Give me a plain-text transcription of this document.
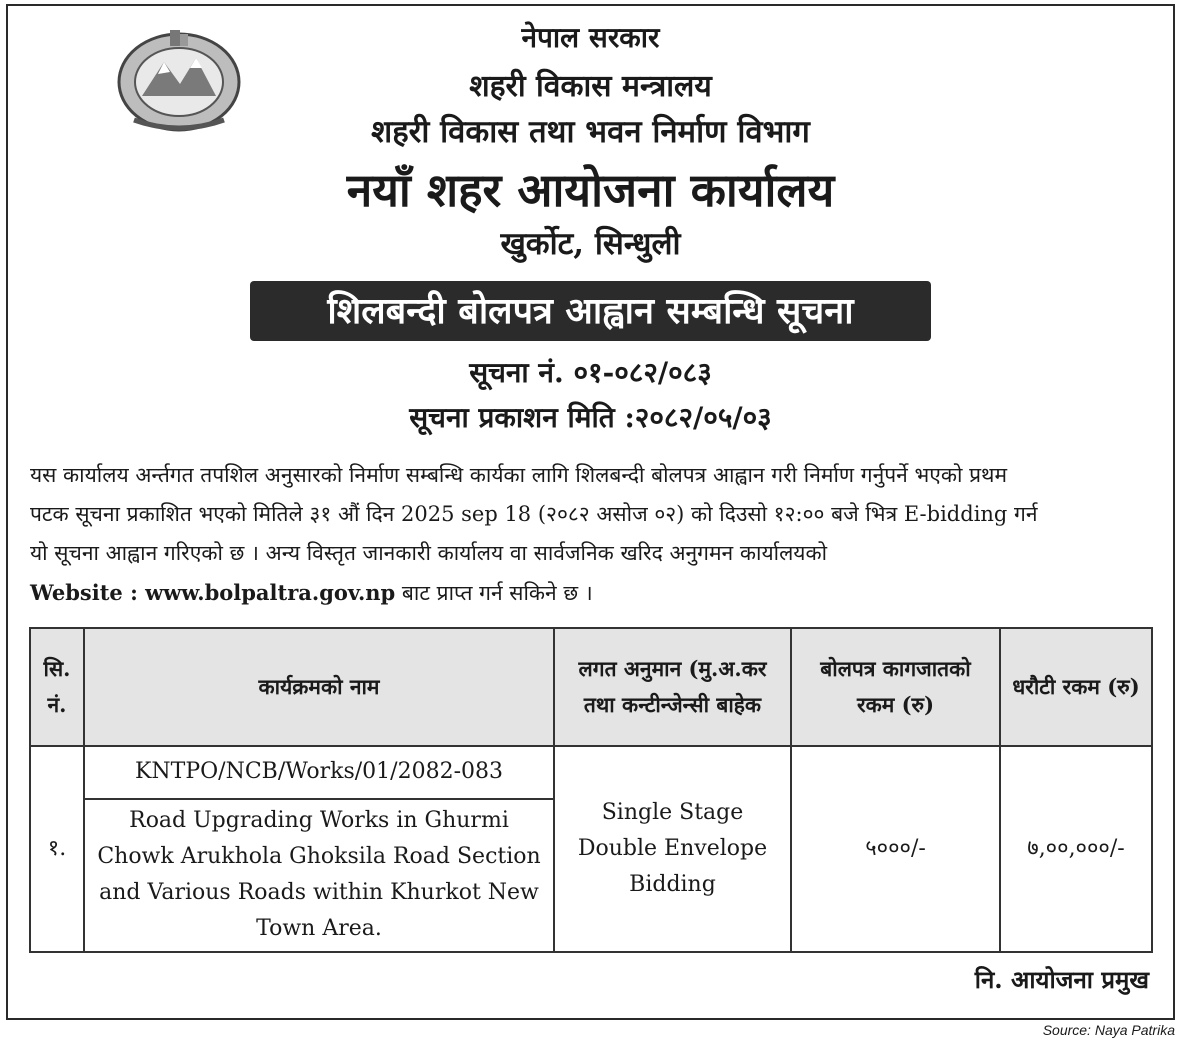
नेपाल सरकार
शहरी विकास मन्त्रालय
शहरी विकास तथा भवन निर्माण विभाग
नयाँ शहर आयोजना कार्यालय
खुर्कोट, सिन्धुली
शिलबन्दी बोलपत्र आह्वान सम्बन्धि सूचना
सूचना नं. ०१-०८२/०८३
सूचना प्रकाशन मिति :२०८२/०५/०३
यस कार्यालय अर्न्तगत तपशिल अनुसारको निर्माण सम्बन्धि कार्यका लागि शिलबन्दी बोलपत्र आह्वान गरी निर्माण गर्नुपर्ने भएको प्रथम
पटक सूचना प्रकाशित भएको मितिले ३१ औं दिन 2025 sep 18 (२०८२ असोज ०२) को दिउसो १२:०० बजे भित्र E-bidding गर्न
यो सूचना आह्वान गरिएको छ । अन्य विस्तृत जानकारी कार्यालय वा सार्वजनिक खरिद अनुगमन कार्यालयको
Website : www.bolpaltra.gov.np बाट प्राप्त गर्न सकिने छ ।
सि. नं.	कार्यक्रमको नाम	लगत अनुमान (मु.अ.कर तथा कन्टीन्जेन्सी बाहेक	बोलपत्र कागजातको रकम (रु)	धरौटी रकम (रु)
१.	KNTPO/NCB/Works/01/2082-083	Single Stage Double Envelope Bidding	५०००/-	७,००,०००/-
	Road Upgrading Works in Ghurmi Chowk Arukhola Ghoksila Road Section and Various Roads within Khurkot New Town Area.			
नि. आयोजना प्रमुख
Source: Naya Patrika
